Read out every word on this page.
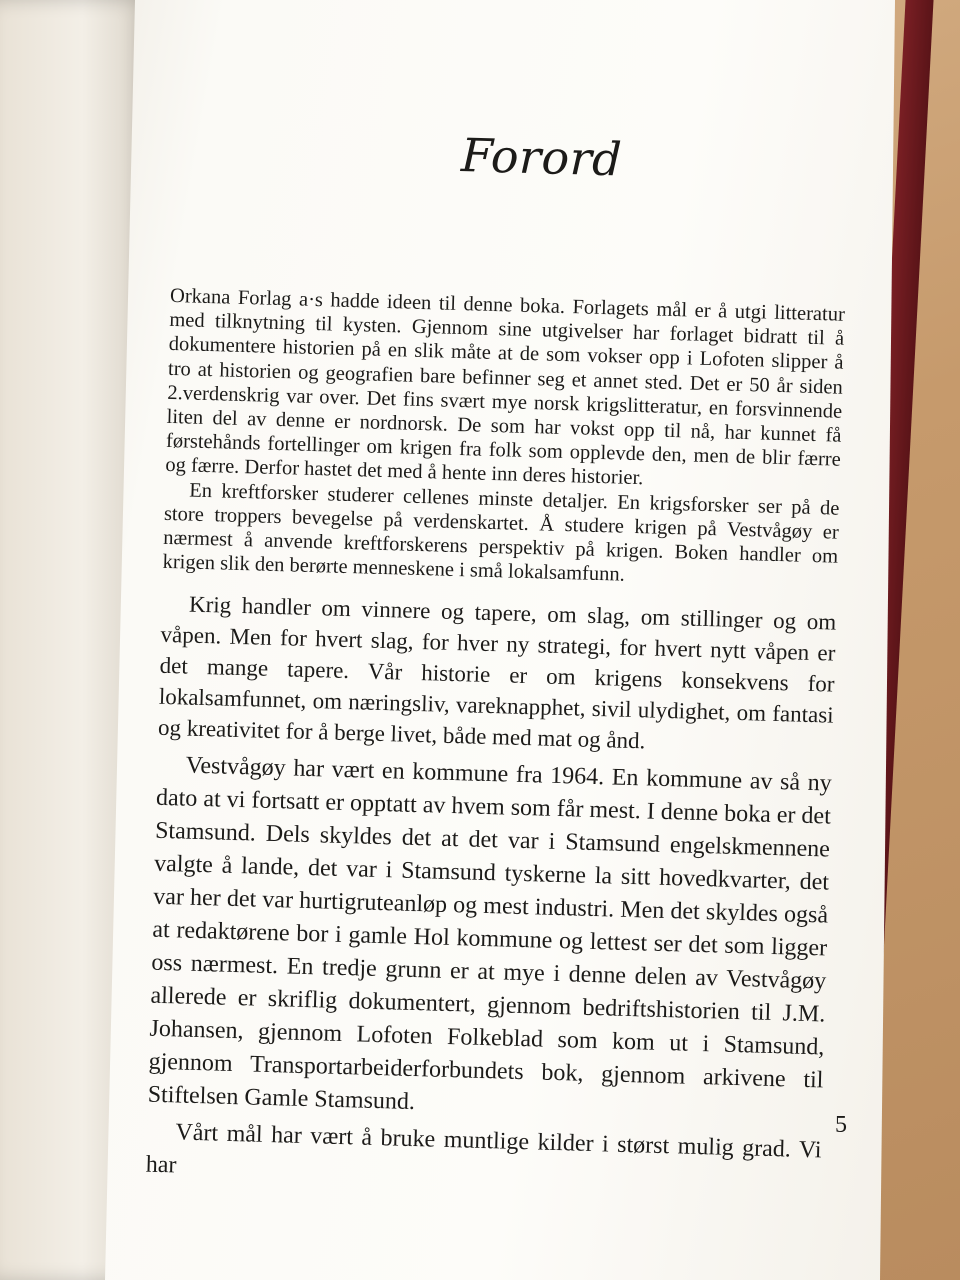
Forord

Orkana Forlag a·s hadde ideen til denne boka. Forlagets mål er å utgi litteratur med tilknytning til kysten. Gjennom sine utgivelser har forlaget bidratt til å dokumentere historien på en slik måte at de som vokser opp i Lofoten slipper å tro at historien og geografien bare befinner seg et annet sted. Det er 50 år siden 2.verdenskrig var over. Det fins svært mye norsk krigslitteratur, en forsvinnende liten del av denne er nordnorsk. De som har vokst opp til nå, har kunnet få førstehånds fortellinger om krigen fra folk som opplevde den, men de blir færre og færre. Derfor hastet det med å hente inn deres historier.

En kreftforsker studerer cellenes minste detaljer. En krigsforsker ser på de store troppers bevegelse på verdenskartet. Å studere krigen på Vestvågøy er nærmest å anvende kreftforskerens perspektiv på krigen. Boken handler om krigen slik den berørte menneskene i små lokalsamfunn.

Krig handler om vinnere og tapere, om slag, om stillinger og om våpen. Men for hvert slag, for hver ny strategi, for hvert nytt våpen er det mange tapere. Vår historie er om krigens konsekvens for lokalsamfunnet, om næringsliv, vareknapphet, sivil ulydighet, om fantasi og kreativitet for å berge livet, både med mat og ånd.

Vestvågøy har vært en kommune fra 1964. En kommune av så ny dato at vi fortsatt er opptatt av hvem som får mest. I denne boka er det Stamsund. Dels skyldes det at det var i Stamsund engelskmennene valgte å lande, det var i Stamsund tyskerne la sitt hovedkvarter, det var her det var hurtigruteanløp og mest industri. Men det skyldes også at redaktørene bor i gamle Hol kommune og lettest ser det som ligger oss nærmest. En tredje grunn er at mye i denne delen av Vestvågøy allerede er skriflig dokumentert, gjennom bedriftshistorien til J.M. Johansen, gjennom Lofoten Folkeblad som kom ut i Stamsund, gjennom Transportarbeiderforbundets bok, gjennom arkivene til Stiftelsen Gamle Stamsund.

Vårt mål har vært å bruke muntlige kilder i størst mulig grad. Vi har

5
